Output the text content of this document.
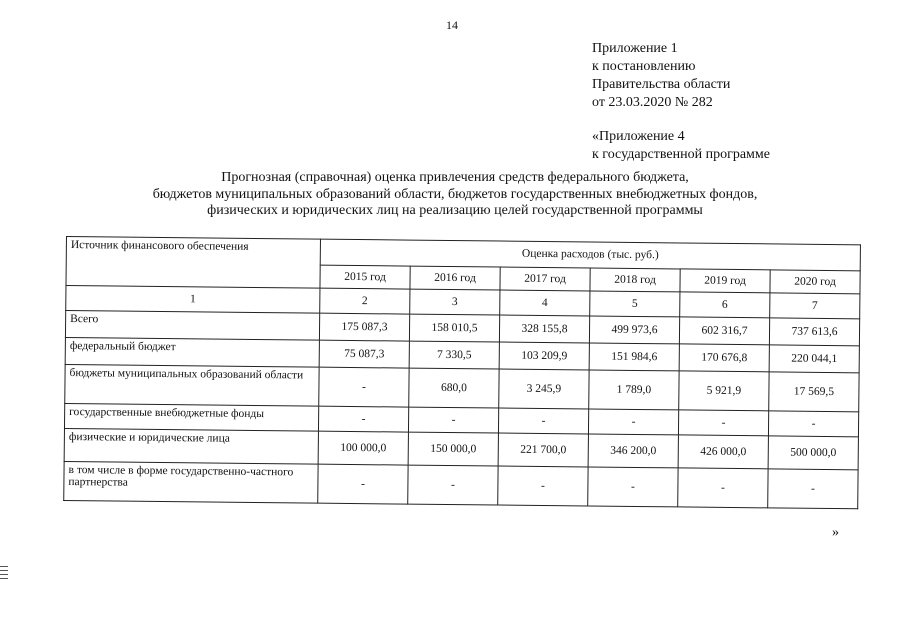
14
Приложение 1
к постановлению
Правительства области
от 23.03.2020 № 282
«Приложение 4
к государственной программе
Прогнозная (справочная) оценка привлечения средств федерального бюджета,
бюджетов муниципальных образований области, бюджетов государственных внебюджетных фондов,
физических и юридических лиц на реализацию целей государственной программы
Источник финансового обеспечения	Оценка расходов (тыс. руб.)					
	2015 год	2016 год	2017 год	2018 год	2019 год	2020 год
1	2	3	4	5	6	7
Всего	175 087,3	158 010,5	328 155,8	499 973,6	602 316,7	737 613,6
федеральный бюджет	75 087,3	7 330,5	103 209,9	151 984,6	170 676,8	220 044,1
бюджеты муниципальных образований области	-	680,0	3 245,9	1 789,0	5 921,9	17 569,5
государственные внебюджетные фонды	-	-	-	-	-	-
физические и юридические лица	100 000,0	150 000,0	221 700,0	346 200,0	426 000,0	500 000,0
в том числе в форме государственно-частного партнерства	-	-	-	-	-	-
»
